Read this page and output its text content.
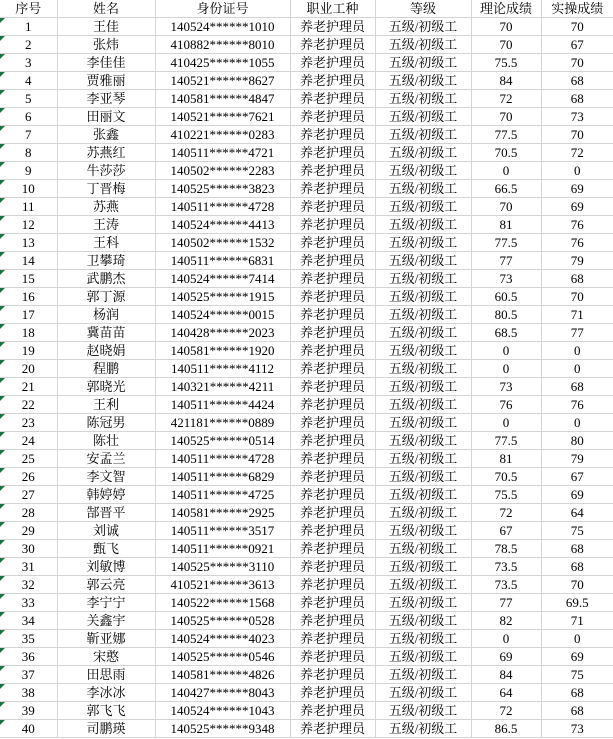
序号	姓名	身份证号	职业工种	等级	理论成绩	实操成绩

1	王佳	140524******1010	养老护理员	五级/初级工	70	70

2	张炜	410882******8010	养老护理员	五级/初级工	70	67

3	李佳佳	410425******1055	养老护理员	五级/初级工	75.5	70

4	贾雅丽	140521******8627	养老护理员	五级/初级工	84	68

5	李亚琴	140581******4847	养老护理员	五级/初级工	72	68

6	田丽文	140521******7621	养老护理员	五级/初级工	70	73

7	张鑫	410221******0283	养老护理员	五级/初级工	77.5	70

8	苏燕红	140511******4721	养老护理员	五级/初级工	70.5	72

9	牛莎莎	140502******2283	养老护理员	五级/初级工	0	0

10	丁晋梅	140525******3823	养老护理员	五级/初级工	66.5	69

11	苏燕	140511******4728	养老护理员	五级/初级工	70	69

12	王涛	140524******4413	养老护理员	五级/初级工	81	76

13	王科	140502******1532	养老护理员	五级/初级工	77.5	76

14	卫攀琦	140511******6831	养老护理员	五级/初级工	77	79

15	武鹏杰	140524******7414	养老护理员	五级/初级工	73	68

16	郭丁源	140525******1915	养老护理员	五级/初级工	60.5	70

17	杨润	140524******0015	养老护理员	五级/初级工	80.5	71

18	冀苗苗	140428******2023	养老护理员	五级/初级工	68.5	77

19	赵晓娟	140581******1920	养老护理员	五级/初级工	0	0

20	程鹏	140511******4112	养老护理员	五级/初级工	0	0

21	郭晓光	140321******4211	养老护理员	五级/初级工	73	68

22	王利	140511******4424	养老护理员	五级/初级工	76	76

23	陈冠男	421181******0889	养老护理员	五级/初级工	0	0

24	陈壮	140525******0514	养老护理员	五级/初级工	77.5	80

25	安孟兰	140511******4728	养老护理员	五级/初级工	81	79

26	李文智	140511******6829	养老护理员	五级/初级工	70.5	67

27	韩婷婷	140511******4725	养老护理员	五级/初级工	75.5	69

28	郜晋平	140581******2925	养老护理员	五级/初级工	72	64

29	刘诚	140511******3517	养老护理员	五级/初级工	67	75

30	甄飞	140511******0921	养老护理员	五级/初级工	78.5	68

31	刘敏博	140525******3110	养老护理员	五级/初级工	73.5	68

32	郭云亮	410521******3613	养老护理员	五级/初级工	73.5	70

33	李宁宁	140522******1568	养老护理员	五级/初级工	77	69.5

34	关鑫宇	140525******0528	养老护理员	五级/初级工	82	71

35	靳亚娜	140524******4023	养老护理员	五级/初级工	0	0

36	宋憨	140525******0546	养老护理员	五级/初级工	69	69

37	田思雨	140581******4826	养老护理员	五级/初级工	84	75

38	李冰冰	140427******8043	养老护理员	五级/初级工	64	68

39	郭飞飞	140524******1043	养老护理员	五级/初级工	72	68

40	司鹏瑛	140525******9348	养老护理员	五级/初级工	86.5	73
